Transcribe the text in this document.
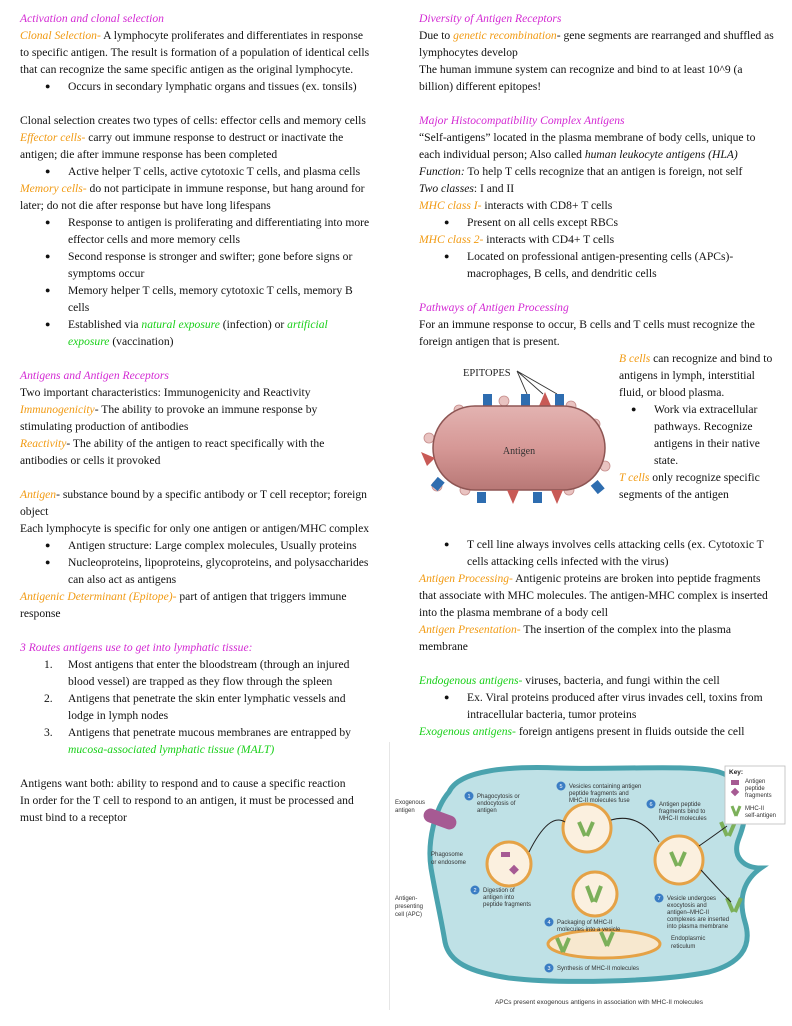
Activation and clonal selection

Clonal Selection- A lymphocyte proliferates and differentiates in response to specific antigen. The result is formation of a population of identical cells that can recognize the same specific antigen as the original lymphocyte.

● Occurs in secondary lymphatic organs and tissues (ex. tonsils)

Clonal selection creates two types of cells: effector cells and memory cells

Effector cells- carry out immune response to destruct or inactivate the antigen; die after immune response has been completed

● Active helper T cells, active cytotoxic T cells, and plasma cells

Memory cells- do not participate in immune response, but hang around for later; do not die after response but have long lifespans

● Response to antigen is proliferating and differentiating into more effector cells and more memory cells
● Second response is stronger and swifter; gone before signs or symptoms occur
● Memory helper T cells, memory cytotoxic T cells, memory B cells
● Established via natural exposure (infection) or artificial exposure (vaccination)

Antigens and Antigen Receptors

Two important characteristics: Immunogenicity and Reactivity

Immunogenicity- The ability to provoke an immune response by stimulating production of antibodies

Reactivity- The ability of the antigen to react specifically with the antibodies or cells it provoked

Antigen- substance bound by a specific antibody or T cell receptor; foreign object

Each lymphocyte is specific for only one antigen or antigen/MHC complex

● Antigen structure: Large complex molecules, Usually proteins
● Nucleoproteins, lipoproteins, glycoproteins, and polysaccharides can also act as antigens

Antigenic Determinant (Epitope)- part of antigen that triggers immune response

3 Routes antigens use to get into lymphatic tissue:

1. Most antigens that enter the bloodstream (through an injured blood vessel) are trapped as they flow through the spleen
2. Antigens that penetrate the skin enter lymphatic vessels and lodge in lymph nodes
3. Antigens that penetrate mucous membranes are entrapped by mucosa-associated lymphatic tissue (MALT)

Antigens want both: ability to respond and to cause a specific reaction

In order for the T cell to respond to an antigen, it must be processed and must bind to a receptor

Diversity of Antigen Receptors

Due to genetic recombination- gene segments are rearranged and shuffled as lymphocytes develop

The human immune system can recognize and bind to at least 10^9 (a billion) different epitopes!

Major Histocompatibility Complex Antigens

“Self-antigens” located in the plasma membrane of body cells, unique to each individual person; Also called human leukocyte antigens (HLA)

Function: To help T cells recognize that an antigen is foreign, not self

Two classes: I and II

MHC class I- interacts with CD8+ T cells

● Present on all cells except RBCs

MHC class 2- interacts with CD4+ T cells

● Located on professional antigen-presenting cells (APCs)- macrophages, B cells, and dendritic cells

Pathways of Antigen Processing

For an immune response to occur, B cells and T cells must recognize the foreign antigen that is present.

EPITOPES
Antigen

B cells can recognize and bind to antigens in lymph, interstitial fluid, or blood plasma.

● Work via extracellular pathways. Recognize antigens in their native state.

T cells only recognize specific segments of the antigen

● T cell line always involves cells attacking cells (ex. Cytotoxic T cells attacking cells infected with the virus)

Antigen Processing- Antigenic proteins are broken into peptide fragments that associate with MHC molecules. The antigen-MHC complex is inserted into the plasma membrane of a body cell

Antigen Presentation- The insertion of the complex into the plasma membrane

Endogenous antigens- viruses, bacteria, and fungi within the cell

● Ex. Viral proteins produced after virus invades cell, toxins from intracellular bacteria, tumor proteins

Exogenous antigens- foreign antigens present in fluids outside the cell

Key:
Antigen
peptide
fragments
MHC-II
self-antigen
Exogenous
antigen
Phagosome
or endosome
Antigen-
presenting
cell (APC)
Endoplasmic
reticulum
1 Phagocytosis or
endocytosis of
antigen
2 Digestion of
antigen into
peptide fragments
3 Synthesis of MHC-II molecules
4 Packaging of MHC-II
molecules into a vesicle
5 Vesicles containing antigen
peptide fragments and
MHC-II molecules fuse
6 Antigen peptide
fragments bind to
MHC-II molecules
7 Vesicle undergoes
exocytosis and
antigen–MHC-II
complexes are inserted
into plasma membrane
APCs present exogenous antigens in association with MHC-II molecules
